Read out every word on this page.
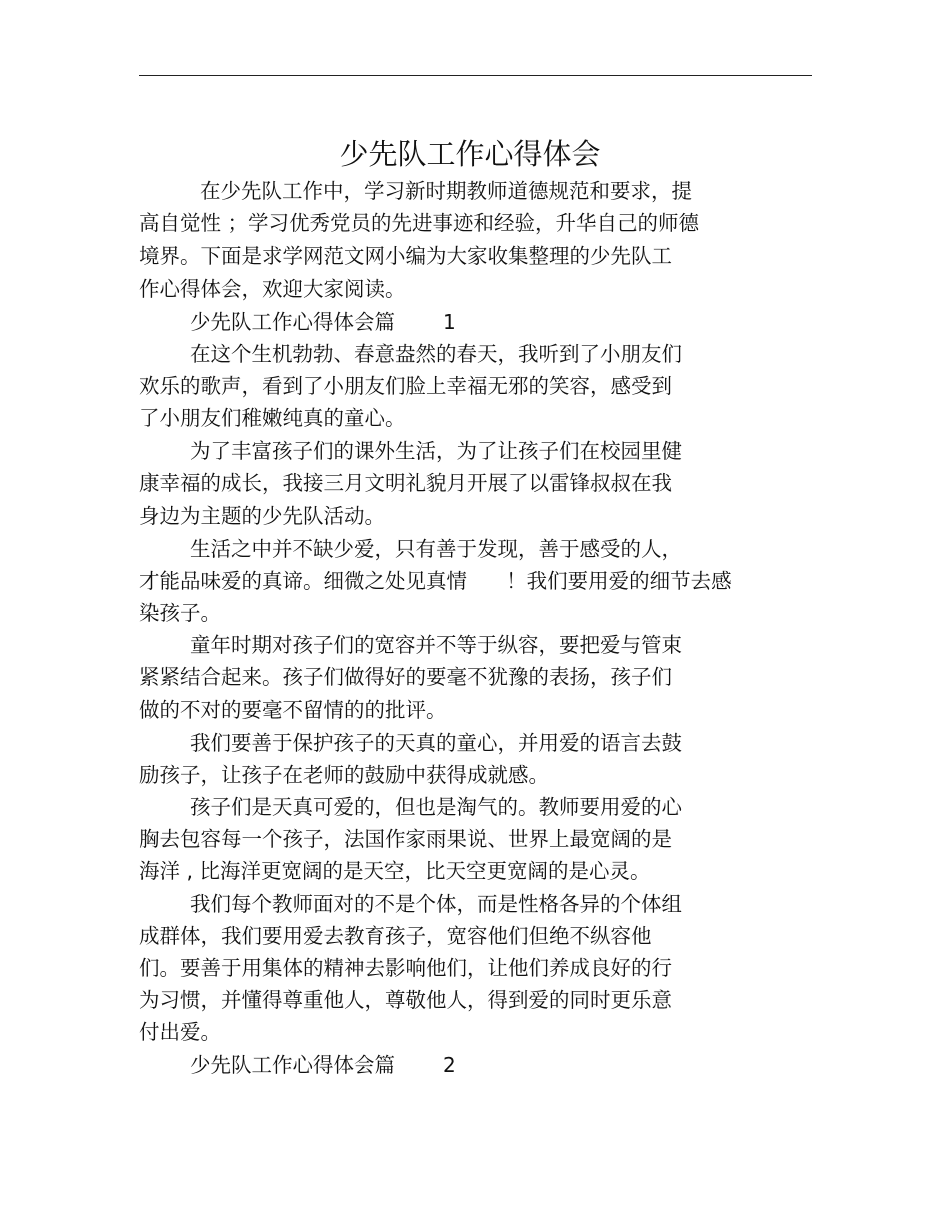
少先队工作心得体会
在少先队工作中，学习新时期教师道德规范和要求，提
高自觉性 ；学习优秀党员的先进事迹和经验，升华自己的师德
境界。下面是求学网范文网小编为大家收集整理的少先队工
作心得体会，欢迎大家阅读。
少先队工作心得体会篇 1
在这个生机勃勃、春意盎然的春天，我听到了小朋友们
欢乐的歌声，看到了小朋友们脸上幸福无邪的笑容，感受到
了小朋友们稚嫩纯真的童心。
为了丰富孩子们的课外生活，为了让孩子们在校园里健
康幸福的成长，我接三月文明礼貌月开展了以雷锋叔叔在我
身边为主题的少先队活动。
生活之中并不缺少爱，只有善于发现，善于感受的人，
才能品味爱的真谛。细微之处见真情      ！我们要用爱的细节去感
染孩子。
童年时期对孩子们的宽容并不等于纵容，要把爱与管束
紧紧结合起来。孩子们做得好的要毫不犹豫的表扬，孩子们
做的不对的要毫不留情的的批评。
我们要善于保护孩子的天真的童心，并用爱的语言去鼓
励孩子，让孩子在老师的鼓励中获得成就感。
孩子们是天真可爱的，但也是淘气的。教师要用爱的心
胸去包容每一个孩子，法国作家雨果说、世界上最宽阔的是
海洋 , 比海洋更宽阔的是天空，比天空更宽阔的是心灵。
我们每个教师面对的不是个体，而是性格各异的个体组
成群体，我们要用爱去教育孩子，宽容他们但绝不纵容他
们。要善于用集体的精神去影响他们，让他们养成良好的行
为习惯，并懂得尊重他人，尊敬他人，得到爱的同时更乐意
付出爱。
少先队工作心得体会篇 2
